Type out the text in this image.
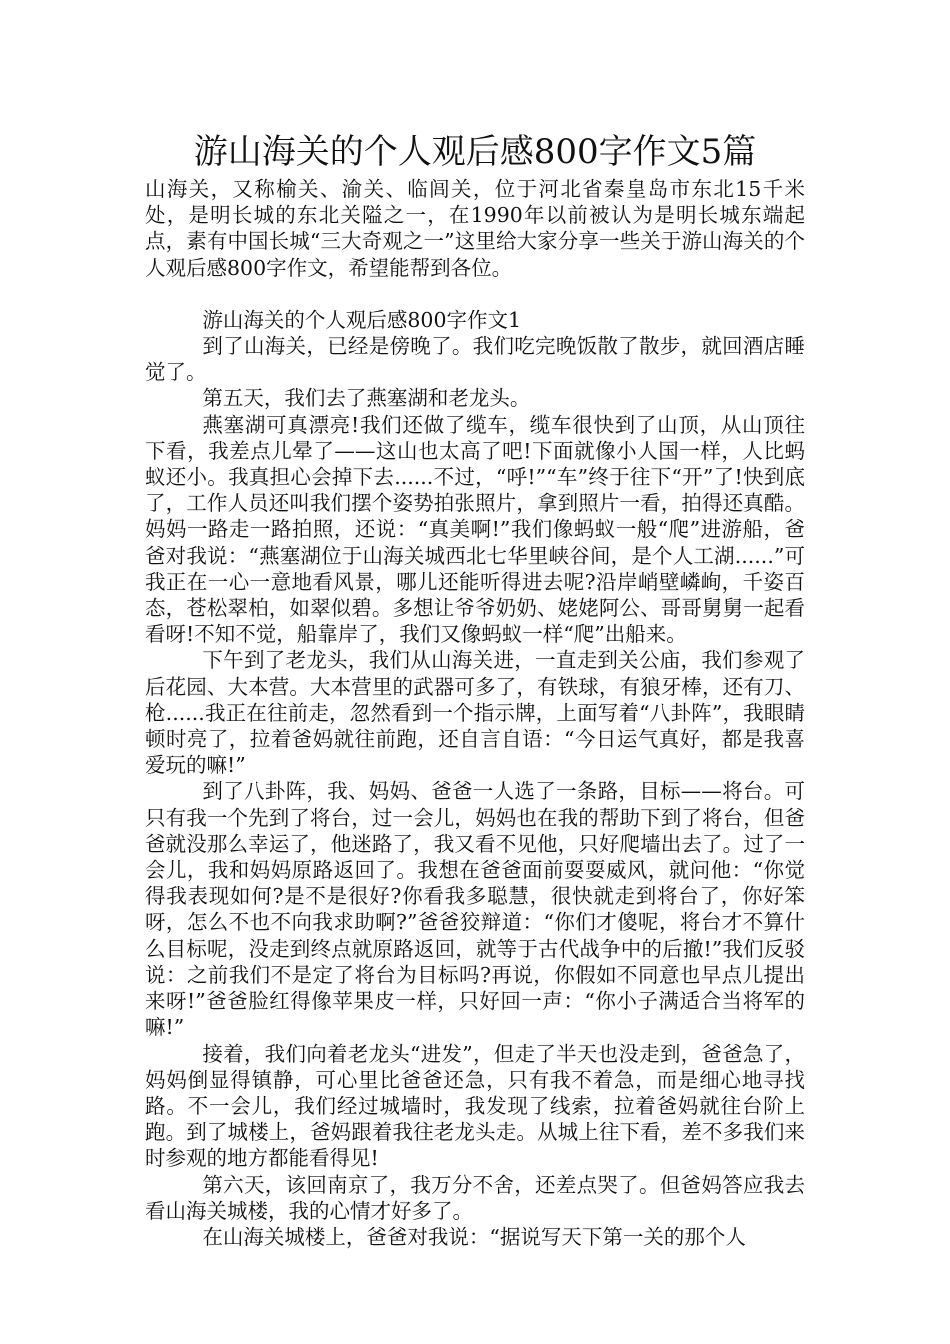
游山海关的个人观后感800字作文5篇

山海关，又称榆关、渝关、临闾关，位于河北省秦皇岛市东北15千米处，是明长城的东北关隘之一，在1990年以前被认为是明长城东端起点，素有中国长城“三大奇观之一”这里给大家分享一些关于游山海关的个人观后感800字作文，希望能帮到各位。

游山海关的个人观后感800字作文1

到了山海关，已经是傍晚了。我们吃完晚饭散了散步，就回酒店睡觉了。

第五天，我们去了燕塞湖和老龙头。

燕塞湖可真漂亮!我们还做了缆车，缆车很快到了山顶，从山顶往下看，我差点儿晕了——这山也太高了吧!下面就像小人国一样，人比蚂蚁还小。我真担心会掉下去......不过，“呼!”“车”终于往下“开”了!快到底了，工作人员还叫我们摆个姿势拍张照片，拿到照片一看，拍得还真酷。妈妈一路走一路拍照，还说：“真美啊!”我们像蚂蚁一般“爬”进游船，爸爸对我说：“燕塞湖位于山海关城西北七华里峡谷间，是个人工湖......”可我正在一心一意地看风景，哪儿还能听得进去呢?沿岸峭壁嶙峋，千姿百态，苍松翠柏，如翠似碧。多想让爷爷奶奶、姥姥阿公、哥哥舅舅一起看看呀!不知不觉，船靠岸了，我们又像蚂蚁一样“爬”出船来。

下午到了老龙头，我们从山海关进，一直走到关公庙，我们参观了后花园、大本营。大本营里的武器可多了，有铁球，有狼牙棒，还有刀、枪......我正在往前走，忽然看到一个指示牌，上面写着“八卦阵”，我眼睛顿时亮了，拉着爸妈就往前跑，还自言自语：“今日运气真好，都是我喜爱玩的嘛!”

到了八卦阵，我、妈妈、爸爸一人选了一条路，目标——将台。可只有我一个先到了将台，过一会儿，妈妈也在我的帮助下到了将台，但爸爸就没那么幸运了，他迷路了，我又看不见他，只好爬墙出去了。过了一会儿，我和妈妈原路返回了。我想在爸爸面前耍耍威风，就问他：“你觉得我表现如何?是不是很好?你看我多聪慧，很快就走到将台了，你好笨呀，怎么不也不向我求助啊?”爸爸狡辩道：“你们才傻呢，将台才不算什么目标呢，没走到终点就原路返回，就等于古代战争中的后撤!”我们反驳说：之前我们不是定了将台为目标吗?再说，你假如不同意也早点儿提出来呀!”爸爸脸红得像苹果皮一样，只好回一声：“你小子满适合当将军的嘛!”

接着，我们向着老龙头“进发”，但走了半天也没走到，爸爸急了，妈妈倒显得镇静，可心里比爸爸还急，只有我不着急，而是细心地寻找路。不一会儿，我们经过城墙时，我发现了线索，拉着爸妈就往台阶上跑。到了城楼上，爸妈跟着我往老龙头走。从城上往下看，差不多我们来时参观的地方都能看得见!

第六天，该回南京了，我万分不舍，还差点哭了。但爸妈答应我去看山海关城楼，我的心情才好多了。

在山海关城楼上，爸爸对我说：“据说写天下第一关的那个人
